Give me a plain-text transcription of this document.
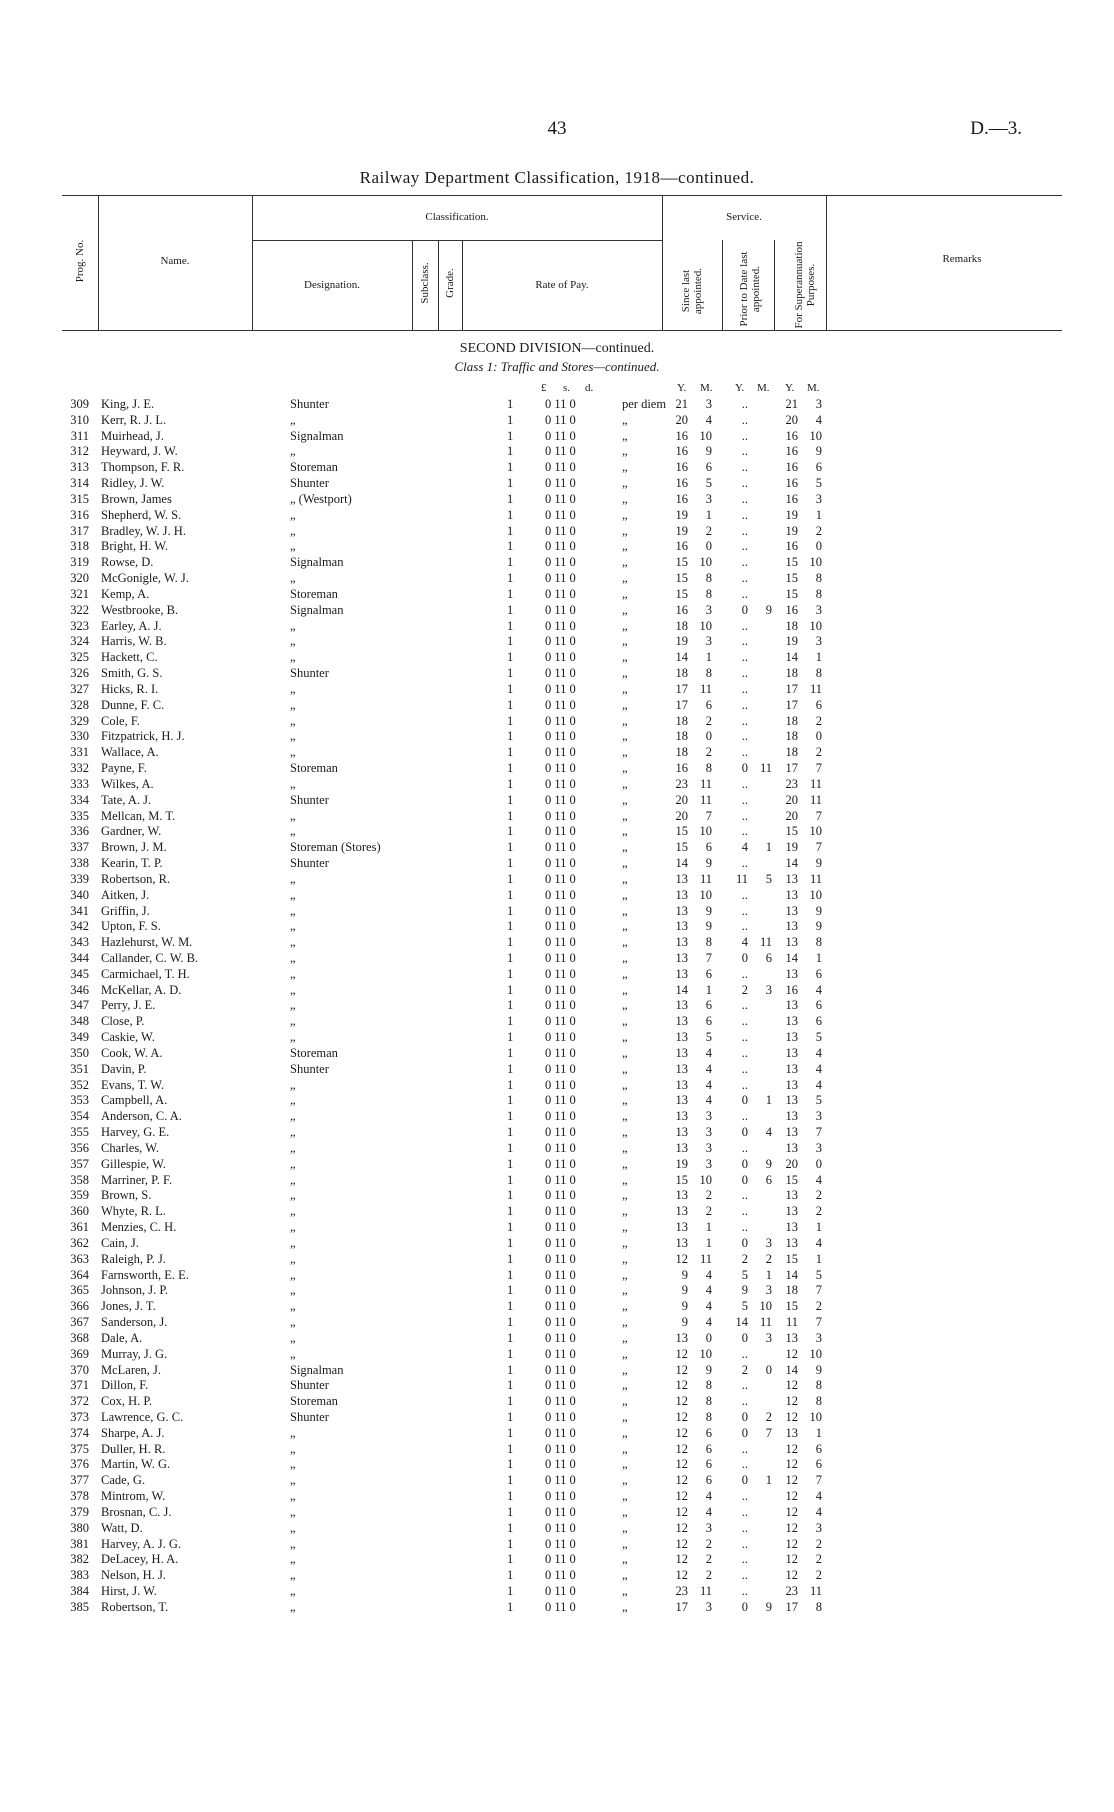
43	D.—3.
Railway Department Classification, 1918—continued.
Prog. No.	Name.
Classification.
Designation.	Subclass. Grade.	Rate of Pay.
Service.
Since last appointed.	Prior to Date last appointed.	For Superannuation Purposes.
Remarks
SECOND DIVISION—continued.
Class 1: Traffic and Stores—continued.
£ s. d.	Y. M. Y. M. Y. M.
309 King, J. E.	Shunter	1	0 11 0	per diem 21	3	..	21	3
310 Kerr, R. J. L.	„	1	0 11 0	„	20	4	..	20	4
311 Muirhead, J.	Signalman	1	0 11 0	„	16 10	..	16 10
312 Heyward, J. W.	„	1	0 11 0	„	16	9	..	16	9
313 Thompson, F. R.	Storeman	1	0 11 0	„	16	6	..	16	6
314 Ridley, J. W.	Shunter	1	0 11 0	„	16	5	..	16	5
315 Brown, James	„ (Westport)	1	0 11 0	„	16	3	..	16	3
316 Shepherd, W. S.	„	1	0 11 0	„	19	1	..	19	1
317 Bradley, W. J. H.	„	1	0 11 0	„	19	2	..	19	2
318 Bright, H. W.	„	1	0 11 0	„	16	0	..	16	0
319 Rowse, D.	Signalman	1	0 11 0	„	15 10	..	15 10
320 McGonigle, W. J.	„	1	0 11 0	„	15	8	..	15	8
321 Kemp, A.	Storeman	1	0 11 0	„	15	8	..	15	8
322 Westbrooke, B.	Signalman	1	0 11 0	„	16	3	0	9	16	3
323 Earley, A. J.	„	1	0 11 0	„	18 10	..	18 10
324 Harris, W. B.	„	1	0 11 0	„	19	3	..	19	3
325 Hackett, C.	„	1	0 11 0	„	14	1	..	14	1
326 Smith, G. S.	Shunter	1	0 11 0	„	18	8	..	18	8
327 Hicks, R. I.	„	1	0 11 0	„	17 11	..	17 11
328 Dunne, F. C.	„	1	0 11 0	„	17	6	..	17	6
329 Cole, F.	„	1	0 11 0	„	18	2	..	18	2
330 Fitzpatrick, H. J.	„	1	0 11 0	„	18	0	..	18	0
331 Wallace, A.	„	1	0 11 0	„	18	2	..	18	2
332 Payne, F.	Storeman	1	0 11 0	„	16	8	0 11	17	7
333 Wilkes, A.	„	1	0 11 0	„	23 11	..	23 11
334 Tate, A. J.	Shunter	1	0 11 0	„	20 11	..	20 11
335 Mellcan, M. T.	„	1	0 11 0	„	20	7	..	20	7
336 Gardner, W.	„	1	0 11 0	„	15 10	..	15 10
337 Brown, J. M.	Storeman (Stores)	1	0 11 0	„	15	6	4	1	19	7
338 Kearin, T. P.	Shunter	1	0 11 0	„	14	9	..	14	9
339 Robertson, R.	„	1	0 11 0	„	13 11	11	5	13 11
340 Aitken, J.	„	1	0 11 0	„	13 10	..	13 10
341 Griffin, J.	„	1	0 11 0	„	13	9	..	13	9
342 Upton, F. S.	„	1	0 11 0	„	13	9	..	13	9
343 Hazlehurst, W. M.	„	1	0 11 0	„	13	8	4 11	13	8
344 Callander, C. W. B.	„	1	0 11 0	„	13	7	0	6	14	1
345 Carmichael, T. H.	„	1	0 11 0	„	13	6	..	13	6
346 McKellar, A. D.	„	1	0 11 0	„	14	1	2	3	16	4
347 Perry, J. E.	„	1	0 11 0	„	13	6	..	13	6
348 Close, P.	„	1	0 11 0	„	13	6	..	13	6
349 Caskie, W.	„	1	0 11 0	„	13	5	..	13	5
350 Cook, W. A.	Storeman	1	0 11 0	„	13	4	..	13	4
351 Davin, P.	Shunter	1	0 11 0	„	13	4	..	13	4
352 Evans, T. W.	„	1	0 11 0	„	13	4	..	13	4
353 Campbell, A.	„	1	0 11 0	„	13	4	0	1	13	5
354 Anderson, C. A.	„	1	0 11 0	„	13	3	..	13	3
355 Harvey, G. E.	„	1	0 11 0	„	13	3	0	4	13	7
356 Charles, W.	„	1	0 11 0	„	13	3	..	13	3
357 Gillespie, W.	„	1	0 11 0	„	19	3	0	9	20	0
358 Marriner, P. F.	„	1	0 11 0	„	15 10	0	6	15	4
359 Brown, S.	„	1	0 11 0	„	13	2	..	13	2
360 Whyte, R. L.	„	1	0 11 0	„	13	2	..	13	2
361 Menzies, C. H.	„	1	0 11 0	„	13	1	..	13	1
362 Cain, J.	„	1	0 11 0	„	13	1	0	3	13	4
363 Raleigh, P. J.	„	1	0 11 0	„	12 11	2	2	15	1
364 Farnsworth, E. E.	„	1	0 11 0	„	9	4	5	1	14	5
365 Johnson, J. P.	„	1	0 11 0	„	9	4	9	3	18	7
366 Jones, J. T.	„	1	0 11 0	„	9	4	5 10	15	2
367 Sanderson, J.	„	1	0 11 0	„	9	4	14 11	11	7
368 Dale, A.	„	1	0 11 0	„	13	0	0	3	13	3
369 Murray, J. G.	„	1	0 11 0	„	12 10	..	12 10
370 McLaren, J.	Signalman	1	0 11 0	„	12	9	2	0	14	9
371 Dillon, F.	Shunter	1	0 11 0	„	12	8	..	12	8
372 Cox, H. P.	Storeman	1	0 11 0	„	12	8	..	12	8
373 Lawrence, G. C.	Shunter	1	0 11 0	„	12	8	0	2	12 10
374 Sharpe, A. J.	„	1	0 11 0	„	12	6	0	7	13	1
375 Duller, H. R.	„	1	0 11 0	„	12	6	..	12	6
376 Martin, W. G.	„	1	0 11 0	„	12	6	..	12	6
377 Cade, G.	„	1	0 11 0	„	12	6	0	1	12	7
378 Mintrom, W.	„	1	0 11 0	„	12	4	..	12	4
379 Brosnan, C. J.	„	1	0 11 0	„	12	4	..	12	4
380 Watt, D.	„	1	0 11 0	„	12	3	..	12	3
381 Harvey, A. J. G.	„	1	0 11 0	„	12	2	..	12	2
382 DeLacey, H. A.	„	1	0 11 0	„	12	2	..	12	2
383 Nelson, H. J.	„	1	0 11 0	„	12	2	..	12	2
384 Hirst, J. W.	„	1	0 11 0	„	23 11	..	23 11
385 Robertson, T.	„	1	0 11 0	„	17	3	0	9	17	8
